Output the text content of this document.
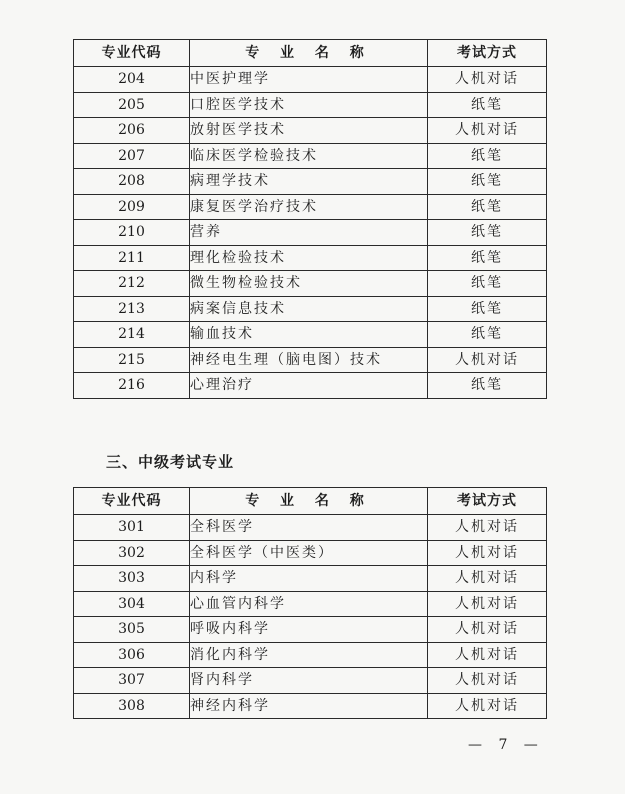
专业代码	专 业 名 称	考试方式
204	中医护理学	人机对话
205	口腔医学技术	纸笔
206	放射医学技术	人机对话
207	临床医学检验技术	纸笔
208	病理学技术	纸笔
209	康复医学治疗技术	纸笔
210	营养	纸笔
211	理化检验技术	纸笔
212	微生物检验技术	纸笔
213	病案信息技术	纸笔
214	输血技术	纸笔
215	神经电生理（脑电图）技术	人机对话
216	心理治疗	纸笔
三、中级考试专业
专业代码	专 业 名 称	考试方式
301	全科医学	人机对话
302	全科医学（中医类）	人机对话
303	内科学	人机对话
304	心血管内科学	人机对话
305	呼吸内科学	人机对话
306	消化内科学	人机对话
307	肾内科学	人机对话
308	神经内科学	人机对话
— 7 —
